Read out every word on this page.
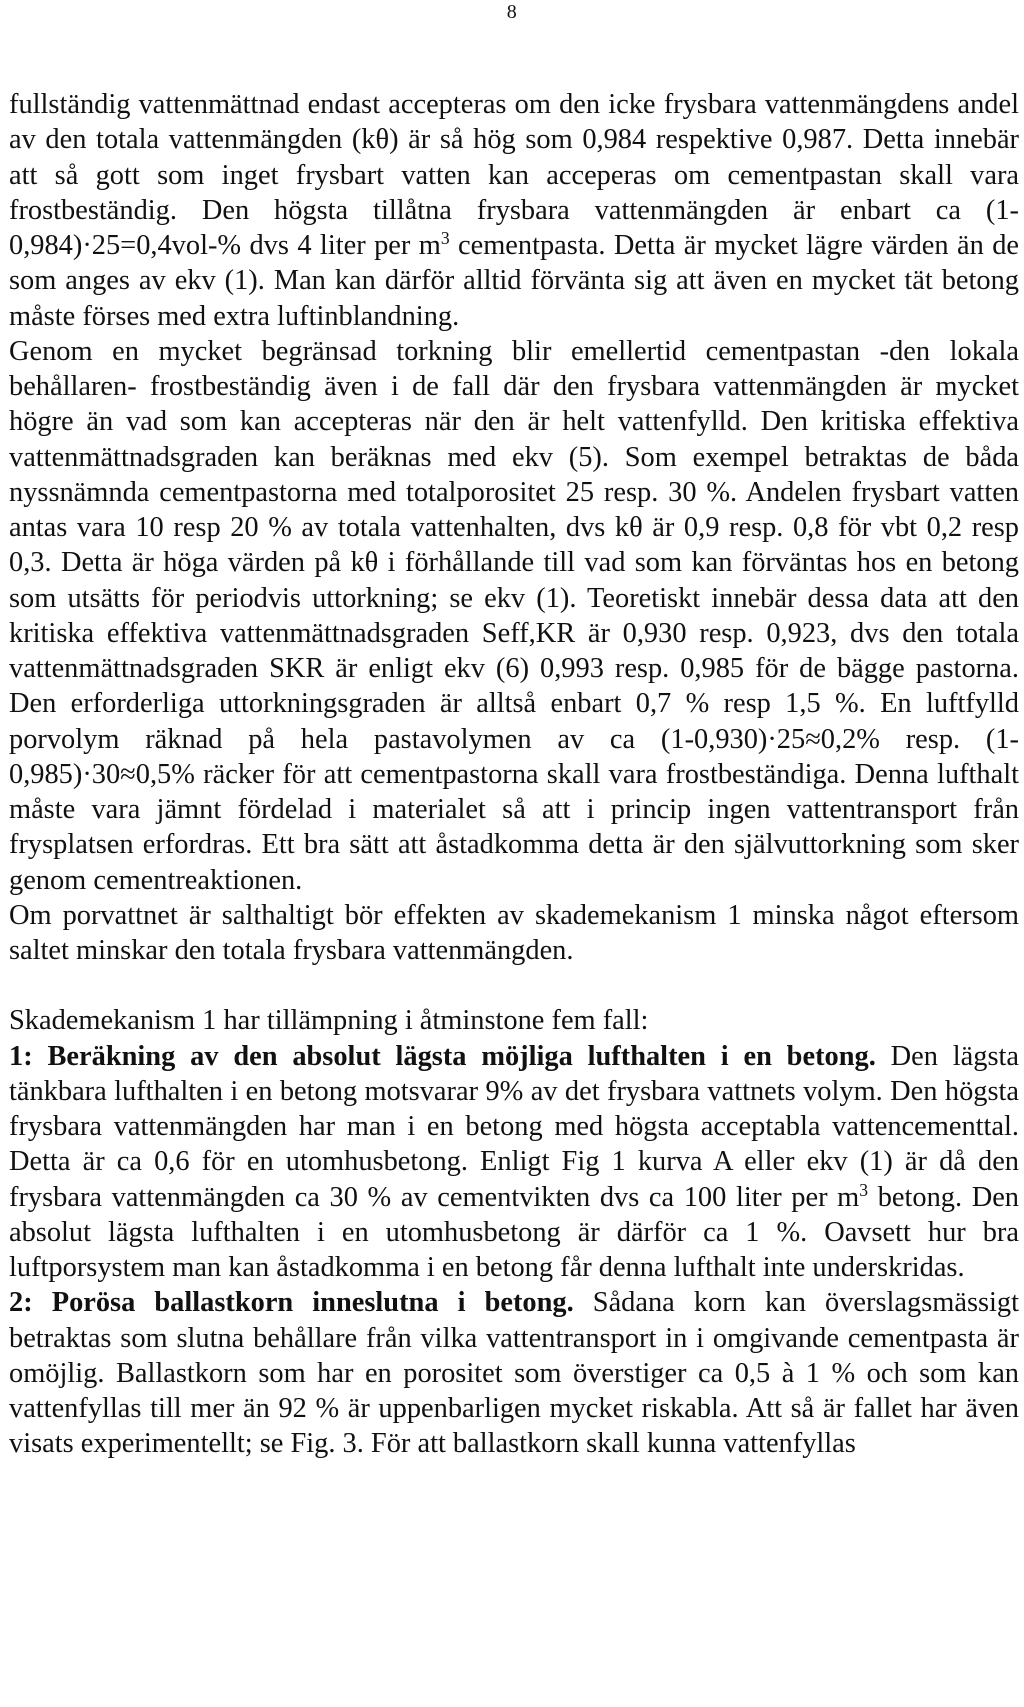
8

fullständig vattenmättnad endast accepteras om den icke frysbara vattenmängdens andel av den totala vattenmängden (kθ) är så hög som 0,984 respektive 0,987. Detta innebär att så gott som inget frysbart vatten kan acceperas om cementpastan skall vara frostbeständig. Den högsta tillåtna frysbara vattenmängden är enbart ca (1-0,984)·25=0,4vol-% dvs 4 liter per $m^3$ cementpasta. Detta är mycket lägre värden än de som anges av ekv (1). Man kan därför alltid förvänta sig att även en mycket tät betong måste förses med extra luftinblandning.

Genom en mycket begränsad torkning blir emellertid cementpastan -den lokala behållaren- frostbeständig även i de fall där den frysbara vattenmängden är mycket högre än vad som kan accepteras när den är helt vattenfylld. Den kritiska effektiva vattenmättnadsgraden kan beräknas med ekv (5). Som exempel betraktas de båda nyssnämnda cementpastorna med totalporositet 25 resp. 30 %. Andelen frysbart vatten antas vara 10 resp 20 % av totala vattenhalten, dvs kθ är 0,9 resp. 0,8 för vbt 0,2 resp 0,3. Detta är höga värden på kθ i förhållande till vad som kan förväntas hos en betong som utsätts för periodvis uttorkning; se ekv (1). Teoretiskt innebär dessa data att den kritiska effektiva vattenmättnadsgraden Seff,KR är 0,930 resp. 0,923, dvs den totala vattenmättnadsgraden SKR är enligt ekv (6) 0,993 resp. 0,985 för de bägge pastorna. Den erforderliga uttorkningsgraden är alltså enbart 0,7 % resp 1,5 %. En luftfylld porvolym räknad på hela pastavolymen av ca (1-0,930)·25≈0,2% resp. (1-0,985)·30≈0,5% räcker för att cementpastorna skall vara frostbeständiga. Denna lufthalt måste vara jämnt fördelad i materialet så att i princip ingen vattentransport från frysplatsen erfordras. Ett bra sätt att åstadkomma detta är den självuttorkning som sker genom cementreaktionen.

Om porvattnet är salthaltigt bör effekten av skademekanism 1 minska något eftersom saltet minskar den totala frysbara vattenmängden.

Skademekanism 1 har tillämpning i åtminstone fem fall:

1: Beräkning av den absolut lägsta möjliga lufthalten i en betong. Den lägsta tänkbara lufthalten i en betong motsvarar 9% av det frysbara vattnets volym. Den högsta frysbara vattenmängden har man i en betong med högsta acceptabla vattencementtal. Detta är ca 0,6 för en utomhusbetong. Enligt Fig 1 kurva A eller ekv (1) är då den frysbara vattenmängden ca 30 % av cementvikten dvs ca 100 liter per $m^3$ betong. Den absolut lägsta lufthalten i en utomhusbetong är därför ca 1 %. Oavsett hur bra luftporsystem man kan åstadkomma i en betong får denna lufthalt inte underskridas.

2: Porösa ballastkorn inneslutna i betong. Sådana korn kan överslagsmässigt betraktas som slutna behållare från vilka vattentransport in i omgivande cementpasta är omöjlig. Ballastkorn som har en porositet som överstiger ca 0,5 à 1 % och som kan vattenfyllas till mer än 92 % är uppenbarligen mycket riskabla. Att så är fallet har även visats experimentellt; se Fig. 3. För att ballastkorn skall kunna vattenfyllas
